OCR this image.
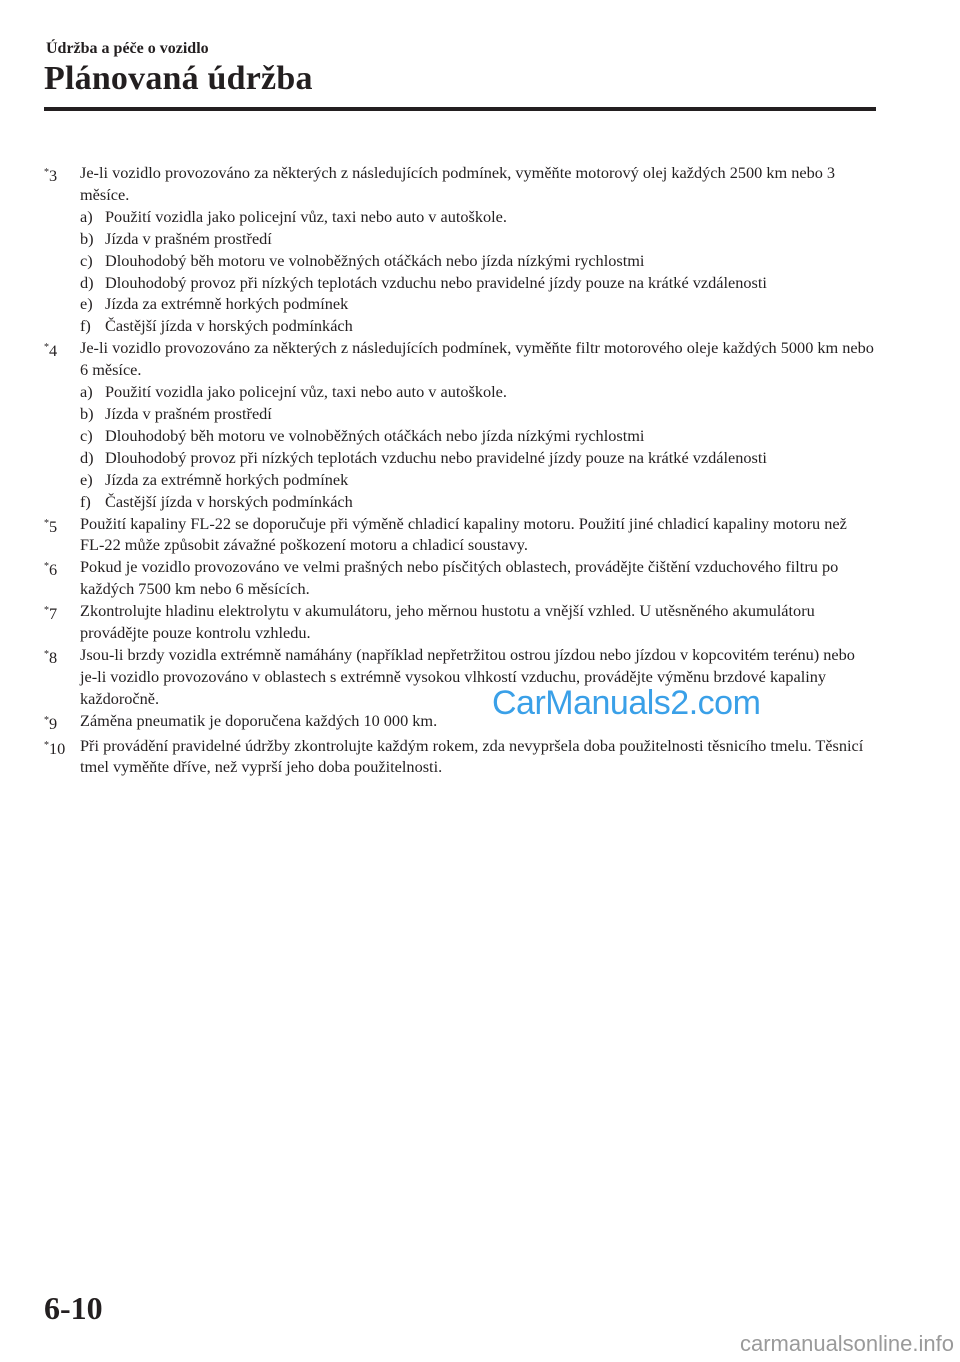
Údržba a péče o vozidlo
Plánovaná údržba
*3	Je-li vozidlo provozováno za některých z následujících podmínek, vyměňte motorový olej každých 2500 km nebo 3 měsíce.
a) Použití vozidla jako policejní vůz, taxi nebo auto v autoškole.
b) Jízda v prašném prostředí
c) Dlouhodobý běh motoru ve volnoběžných otáčkách nebo jízda nízkými rychlostmi
d) Dlouhodobý provoz při nízkých teplotách vzduchu nebo pravidelné jízdy pouze na krátké vzdálenosti
e) Jízda za extrémně horkých podmínek
f) Častější jízda v horských podmínkách
*4	Je-li vozidlo provozováno za některých z následujících podmínek, vyměňte filtr motorového oleje každých 5000 km nebo 6 měsíce.
a) Použití vozidla jako policejní vůz, taxi nebo auto v autoškole.
b) Jízda v prašném prostředí
c) Dlouhodobý běh motoru ve volnoběžných otáčkách nebo jízda nízkými rychlostmi
d) Dlouhodobý provoz při nízkých teplotách vzduchu nebo pravidelné jízdy pouze na krátké vzdálenosti
e) Jízda za extrémně horkých podmínek
f) Častější jízda v horských podmínkách
*5	Použití kapaliny FL-22 se doporučuje při výměně chladicí kapaliny motoru. Použití jiné chladicí kapaliny motoru než FL-22 může způsobit závažné poškození motoru a chladicí soustavy.
*6	Pokud je vozidlo provozováno ve velmi prašných nebo písčitých oblastech, provádějte čištění vzduchového filtru po každých 7500 km nebo 6 měsících.
*7	Zkontrolujte hladinu elektrolytu v akumulátoru, jeho měrnou hustotu a vnější vzhled. U utěsněného akumulátoru provádějte pouze kontrolu vzhledu.
*8	Jsou-li brzdy vozidla extrémně namáhány (například nepřetržitou ostrou jízdou nebo jízdou v kopcovitém terénu) nebo je-li vozidlo provozováno v oblastech s extrémně vysokou vlhkostí vzduchu, provádějte výměnu brzdové kapaliny každoročně.
*9	Záměna pneumatik je doporučena každých 10 000 km.
*10 Při provádění pravidelné údržby zkontrolujte každým rokem, zda nevypršela doba použitelnosti těsnicího tmelu. Těsnicí tmel vyměňte dříve, než vyprší jeho doba použitelnosti.
CarManuals2.com
6-10
carmanualsonline.info
